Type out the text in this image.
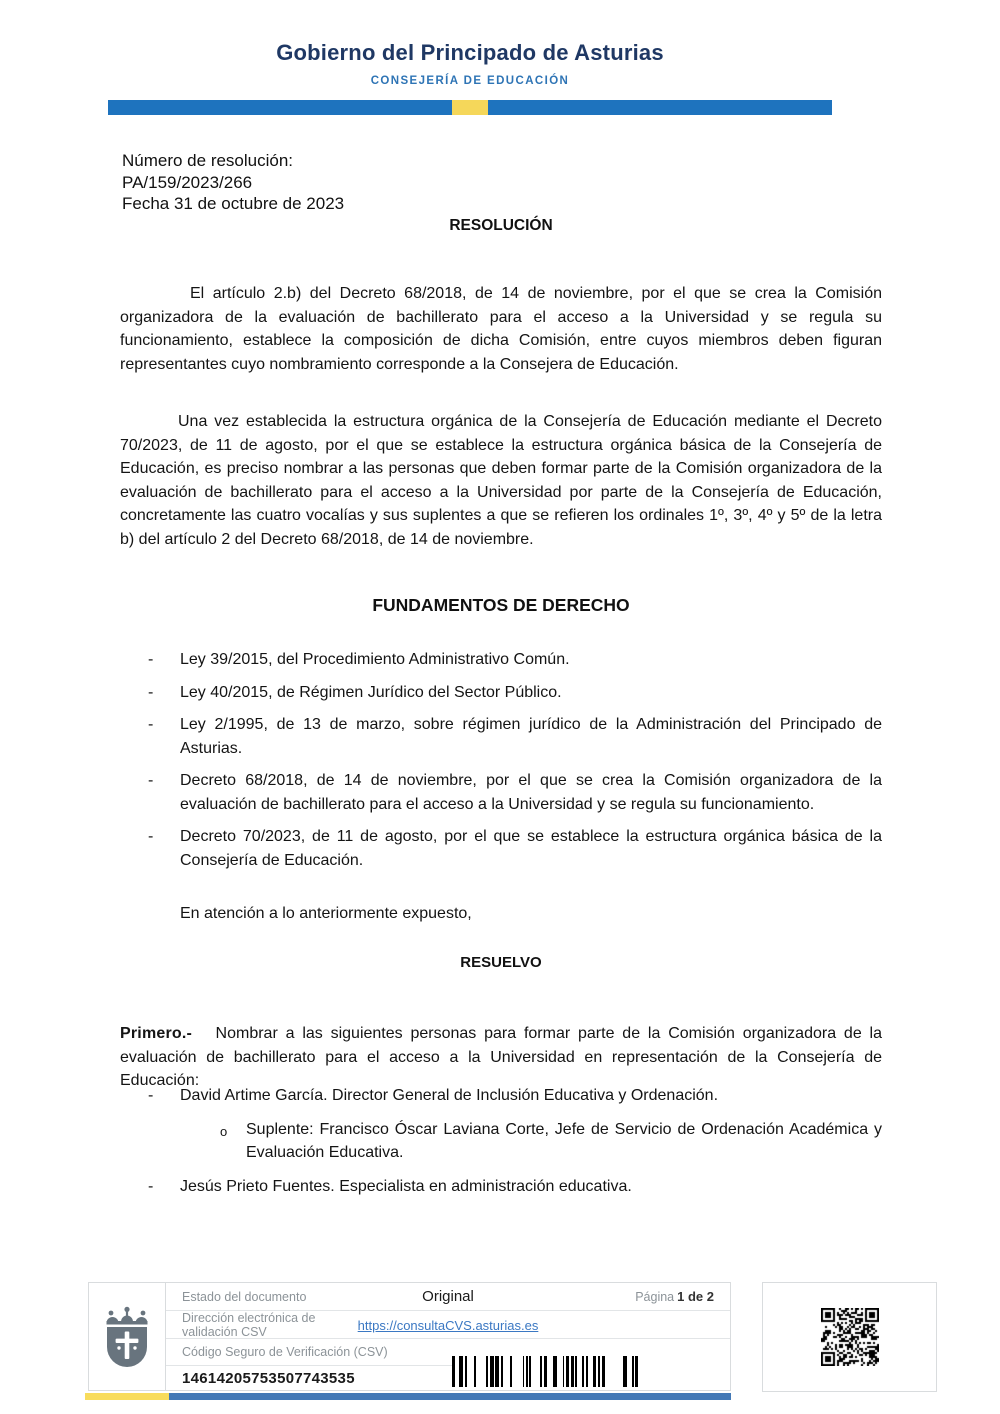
Gobierno del Principado de Asturias
CONSEJERÍA DE EDUCACIÓN
Número de resolución:
PA/159/2023/266
Fecha 31 de octubre de 2023
RESOLUCIÓN

El artículo 2.b) del Decreto 68/2018, de 14 de noviembre, por el que se crea la Comisión organizadora de la evaluación de bachillerato para el acceso a la Universidad y se regula su funcionamiento, establece la composición de dicha Comisión, entre cuyos miembros deben figuran representantes cuyo nombramiento corresponde a la Consejera de Educación.

Una vez establecida la estructura orgánica de la Consejería de Educación mediante el Decreto 70/2023, de 11 de agosto, por el que se establece la estructura orgánica básica de la Consejería de Educación, es preciso nombrar a las personas que deben formar parte de la Comisión organizadora de la evaluación de bachillerato para el acceso a la Universidad por parte de la Consejería de Educación, concretamente las cuatro vocalías y sus suplentes a que se refieren los ordinales 1º, 3º, 4º y 5º de la letra b) del artículo 2 del Decreto 68/2018, de 14 de noviembre.

FUNDAMENTOS DE DERECHO
-	Ley 39/2015, del Procedimiento Administrativo Común.
-	Ley 40/2015, de Régimen Jurídico del Sector Público.
-	Ley 2/1995, de 13 de marzo, sobre régimen jurídico de la Administración del Principado de Asturias.
-	Decreto 68/2018, de 14 de noviembre, por el que se crea la Comisión organizadora de la evaluación de bachillerato para el acceso a la Universidad y se regula su funcionamiento.
-	Decreto 70/2023, de 11 de agosto, por el que se establece la estructura orgánica básica de la Consejería de Educación.
En atención a lo anteriormente expuesto,
RESUELVO

Primero.- Nombrar a las siguientes personas para formar parte de la Comisión organizadora de la evaluación de bachillerato para el acceso a la Universidad en representación de la Consejería de Educación:

-	David Artime García. Director General de Inclusión Educativa y Ordenación.
o	Suplente: Francisco Óscar Laviana Corte, Jefe de Servicio de Ordenación Académica y Evaluación Educativa.
-	Jesús Prieto Fuentes. Especialista en administración educativa.
Estado del documento	Original	Página 1 de 2
Dirección electrónica de validación CSV	https://consultaCVS.asturias.es
Código Seguro de Verificación (CSV)
14614205753507743535
